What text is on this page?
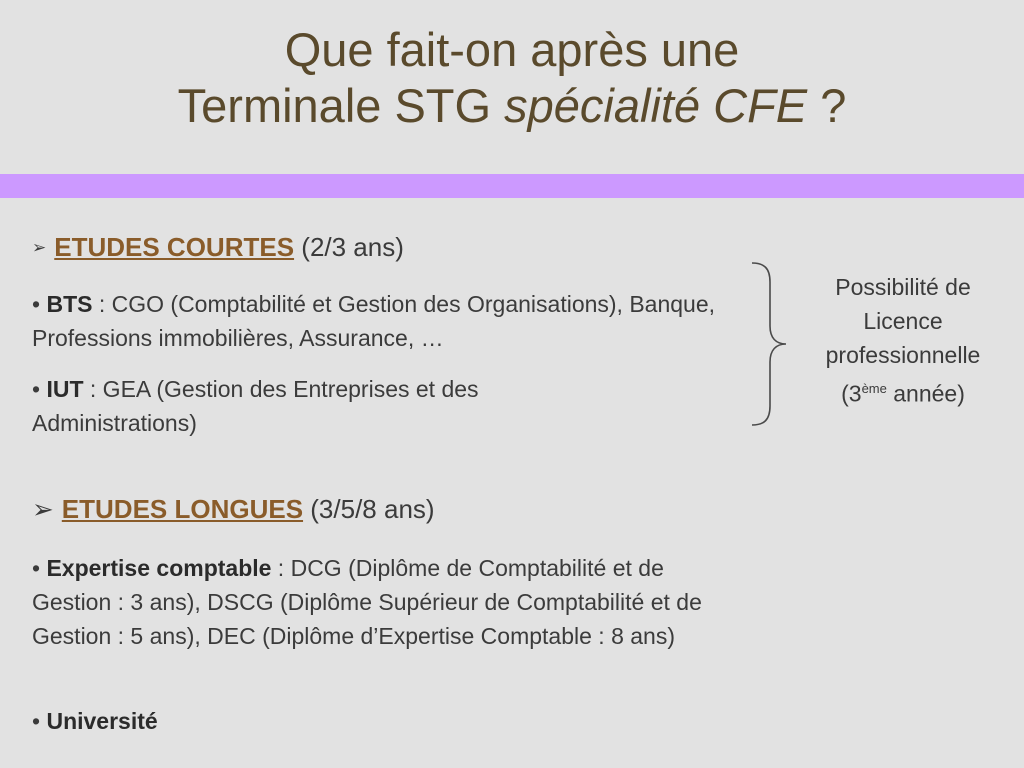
Que fait-on après une
Terminale STG spécialité CFE ?
➢ ETUDES COURTES (2/3 ans)
• BTS : CGO (Comptabilité et Gestion des Organisations), Banque, Professions immobilières, Assurance, …
• IUT : GEA (Gestion des Entreprises et des Administrations)
Possibilité de
Licence
professionnelle
(3ème année)
➢ ETUDES LONGUES (3/5/8 ans)
• Expertise comptable : DCG (Diplôme de Comptabilité et de Gestion : 3 ans), DSCG (Diplôme Supérieur de Comptabilité et de Gestion : 5 ans), DEC (Diplôme d’Expertise Comptable : 8 ans)
• Université
